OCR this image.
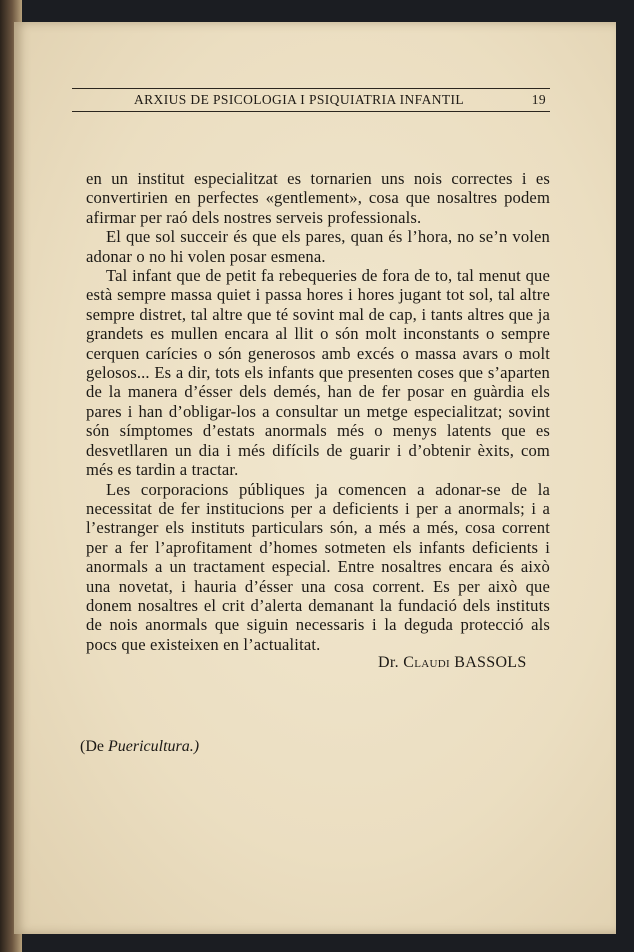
ARXIUS DE PSICOLOGIA I PSIQUIATRIA INFANTIL	19

en un institut especialitzat es tornarien uns nois correctes i es convertirien en perfectes «gentlement», cosa que nosaltres podem afirmar per raó dels nostres serveis professionals.

El que sol succeir és que els pares, quan és l’hora, no se’n volen adonar o no hi volen posar esmena.

Tal infant que de petit fa rebequeries de fora de to, tal menut que està sempre massa quiet i passa hores i hores jugant tot sol, tal altre sempre distret, tal altre que té sovint mal de cap, i tants altres que ja grandets es mullen encara al llit o són molt inconstants o sempre cerquen carícies o són generosos amb excés o massa avars o molt gelosos... Es a dir, tots els infants que presenten coses que s’aparten de la manera d’ésser dels demés, han de fer posar en guàrdia els pares i han d’obligar-los a consultar un metge especialitzat; sovint són símptomes d’estats anormals més o menys latents que es desvetllaren un dia i més difícils de guarir i d’obtenir èxits, com més es tardin a tractar.

Les corporacions públiques ja comencen a adonar-se de la necessitat de fer institucions per a deficients i per a anormals; i a l’estranger els instituts particulars són, a més a més, cosa corrent per a fer l’aprofitament d’homes sotmeten els infants deficients i anormals a un tractament especial. Entre nosaltres encara és això una novetat, i hauria d’ésser una cosa corrent. Es per això que donem nosaltres el crit d’alerta demanant la fundació dels instituts de nois anormals que siguin necessaris i la deguda protecció als pocs que existeixen en l’actualitat.

Dr. Claudi BASSOLS
(De Puericultura.)
